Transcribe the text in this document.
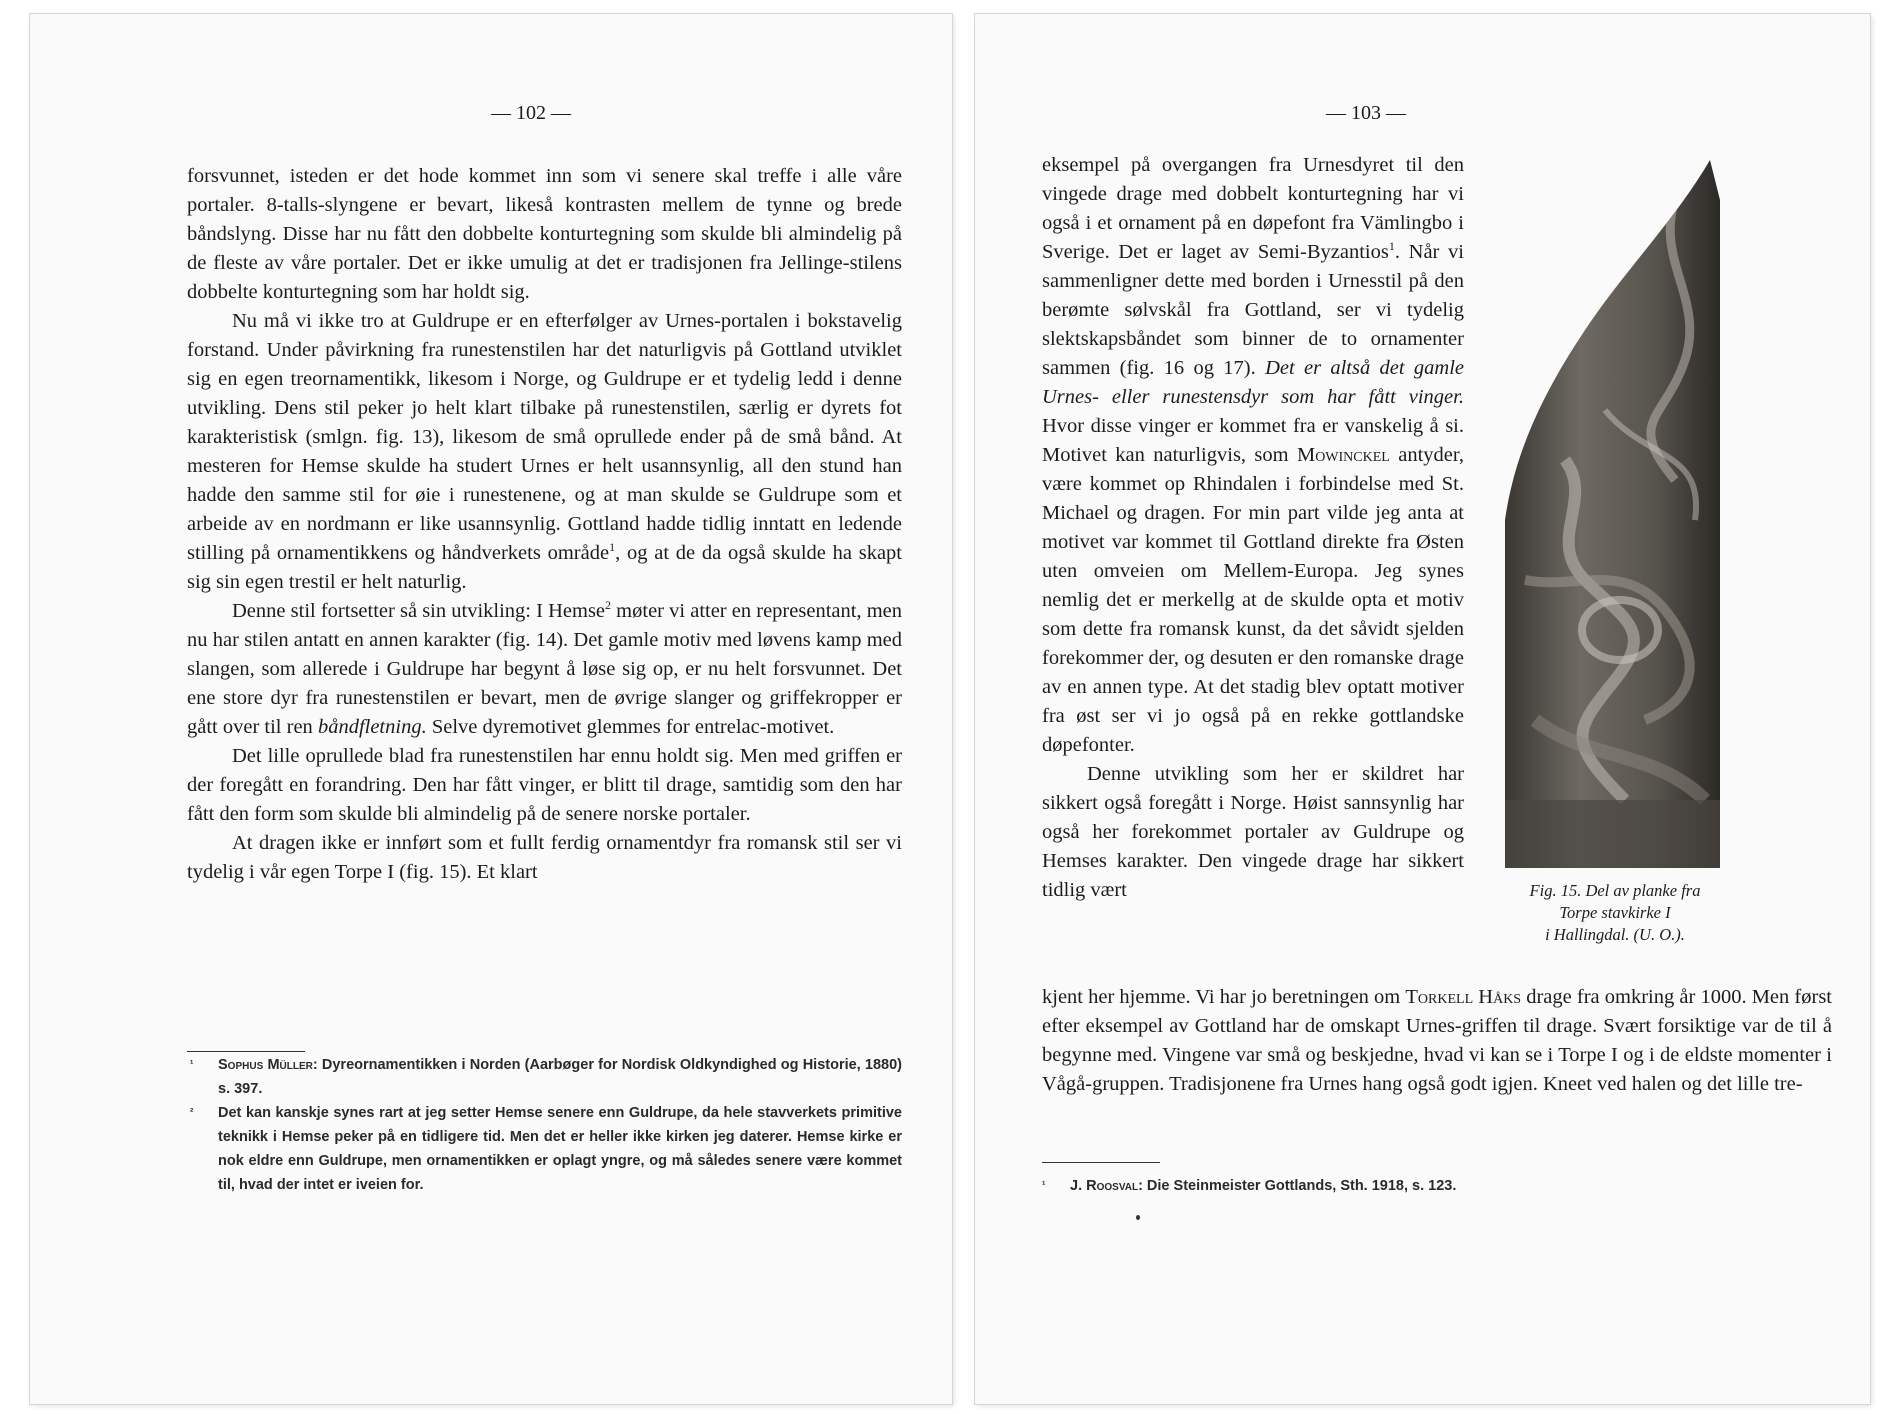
— 102 —

forsvunnet, isteden er det hode kommet inn som vi senere skal treffe i alle våre portaler. 8-talls-slyngene er bevart, likeså kontrasten mellem de tynne og brede båndslyng. Disse har nu fått den dobbelte konturtegning som skulde bli almindelig på de fleste av våre portaler. Det er ikke umulig at det er tradisjonen fra Jellinge-stilens dobbelte konturtegning som har holdt sig.

Nu må vi ikke tro at Guldrupe er en efterfølger av Urnes-portalen i bokstavelig forstand. Under påvirkning fra runestenstilen har det naturligvis på Gottland utviklet sig en egen treornamentikk, likesom i Norge, og Guldrupe er et tydelig ledd i denne utvikling. Dens stil peker jo helt klart tilbake på runestenstilen, særlig er dyrets fot karakteristisk (smlgn. fig. 13), likesom de små oprullede ender på de små bånd. At mesteren for Hemse skulde ha studert Urnes er helt usannsynlig, all den stund han hadde den samme stil for øie i runestenene, og at man skulde se Guldrupe som et arbeide av en nordmann er like usannsynlig. Gottland hadde tidlig inntatt en ledende stilling på ornamentikkens og håndverkets område$^1$, og at de da også skulde ha skapt sig sin egen trestil er helt naturlig.

Denne stil fortsetter så sin utvikling: I Hemse$^2$ møter vi atter en representant, men nu har stilen antatt en annen karakter (fig. 14). Det gamle motiv med løvens kamp med slangen, som allerede i Guldrupe har begynt å løse sig op, er nu helt forsvunnet. Det ene store dyr fra runestenstilen er bevart, men de øvrige slanger og griffekropper er gått over til ren båndfletning. Selve dyremotivet glemmes for entrelac-motivet.

Det lille oprullede blad fra runestenstilen har ennu holdt sig. Men med griffen er der foregått en forandring. Den har fått vinger, er blitt til drage, samtidig som den har fått den form som skulde bli almindelig på de senere norske portaler.

At dragen ikke er innført som et fullt ferdig ornamentdyr fra romansk stil ser vi tydelig i vår egen Torpe I (fig. 15). Et klart

¹ Sophus Müller: Dyreornamentikken i Norden (Aarbøger for Nordisk Oldkyndighed og Historie, 1880) s. 397.

² Det kan kanskje synes rart at jeg setter Hemse senere enn Guldrupe, da hele stavverkets primitive teknikk i Hemse peker på en tidligere tid. Men det er heller ikke kirken jeg daterer. Hemse kirke er nok eldre enn Guldrupe, men ornamentikken er oplagt yngre, og må således senere være kommet til, hvad der intet er iveien for.

— 103 —

eksempel på overgangen fra Urnesdyret til den vingede drage med dobbelt konturtegning har vi også i et ornament på en døpefont fra Vämlingbo i Sverige. Det er laget av Semi-Byzantios$^1$. Når vi sammenligner dette med borden i Urnesstil på den berømte sølvskål fra Gottland, ser vi tydelig slektskapsbåndet som binner de to ornamenter sammen (fig. 16 og 17). Det er altså det gamle Urnes- eller runestensdyr som har fått vinger. Hvor disse vinger er kommet fra er vanskelig å si. Motivet kan naturligvis, som Mowinckel antyder, være kommet op Rhindalen i forbindelse med St. Michael og dragen. For min part vilde jeg anta at motivet var kommet til Gottland direkte fra Østen uten omveien om Mellem-Europa. Jeg synes nemlig det er merkellg at de skulde opta et motiv som dette fra romansk kunst, da det såvidt sjelden forekommer der, og desuten er den romanske drage av en annen type. At det stadig blev optatt motiver fra øst ser vi jo også på en rekke gottlandske døpefonter.

Denne utvikling som her er skildret har sikkert også foregått i Norge. Høist sannsynlig har også her forekommet portaler av Guldrupe og Hemses karakter. Den vingede drage har sikkert tidlig vært

kjent her hjemme. Vi har jo beretningen om Torkell Håks drage fra omkring år 1000. Men først efter eksempel av Gottland har de omskapt Urnes-griffen til drage. Svært forsiktige var de til å begynne med. Vingene var små og beskjedne, hvad vi kan se i Torpe I og i de eldste momenter i Vågå-gruppen. Tradisjonene fra Urnes hang også godt igjen. Kneet ved halen og det lille tre-

Fig. 15. Del av planke fra
Torpe stavkirke I
i Hallingdal. (U. O.).

¹ J. Roosval: Die Steinmeister Gottlands, Sth. 1918, s. 123.
